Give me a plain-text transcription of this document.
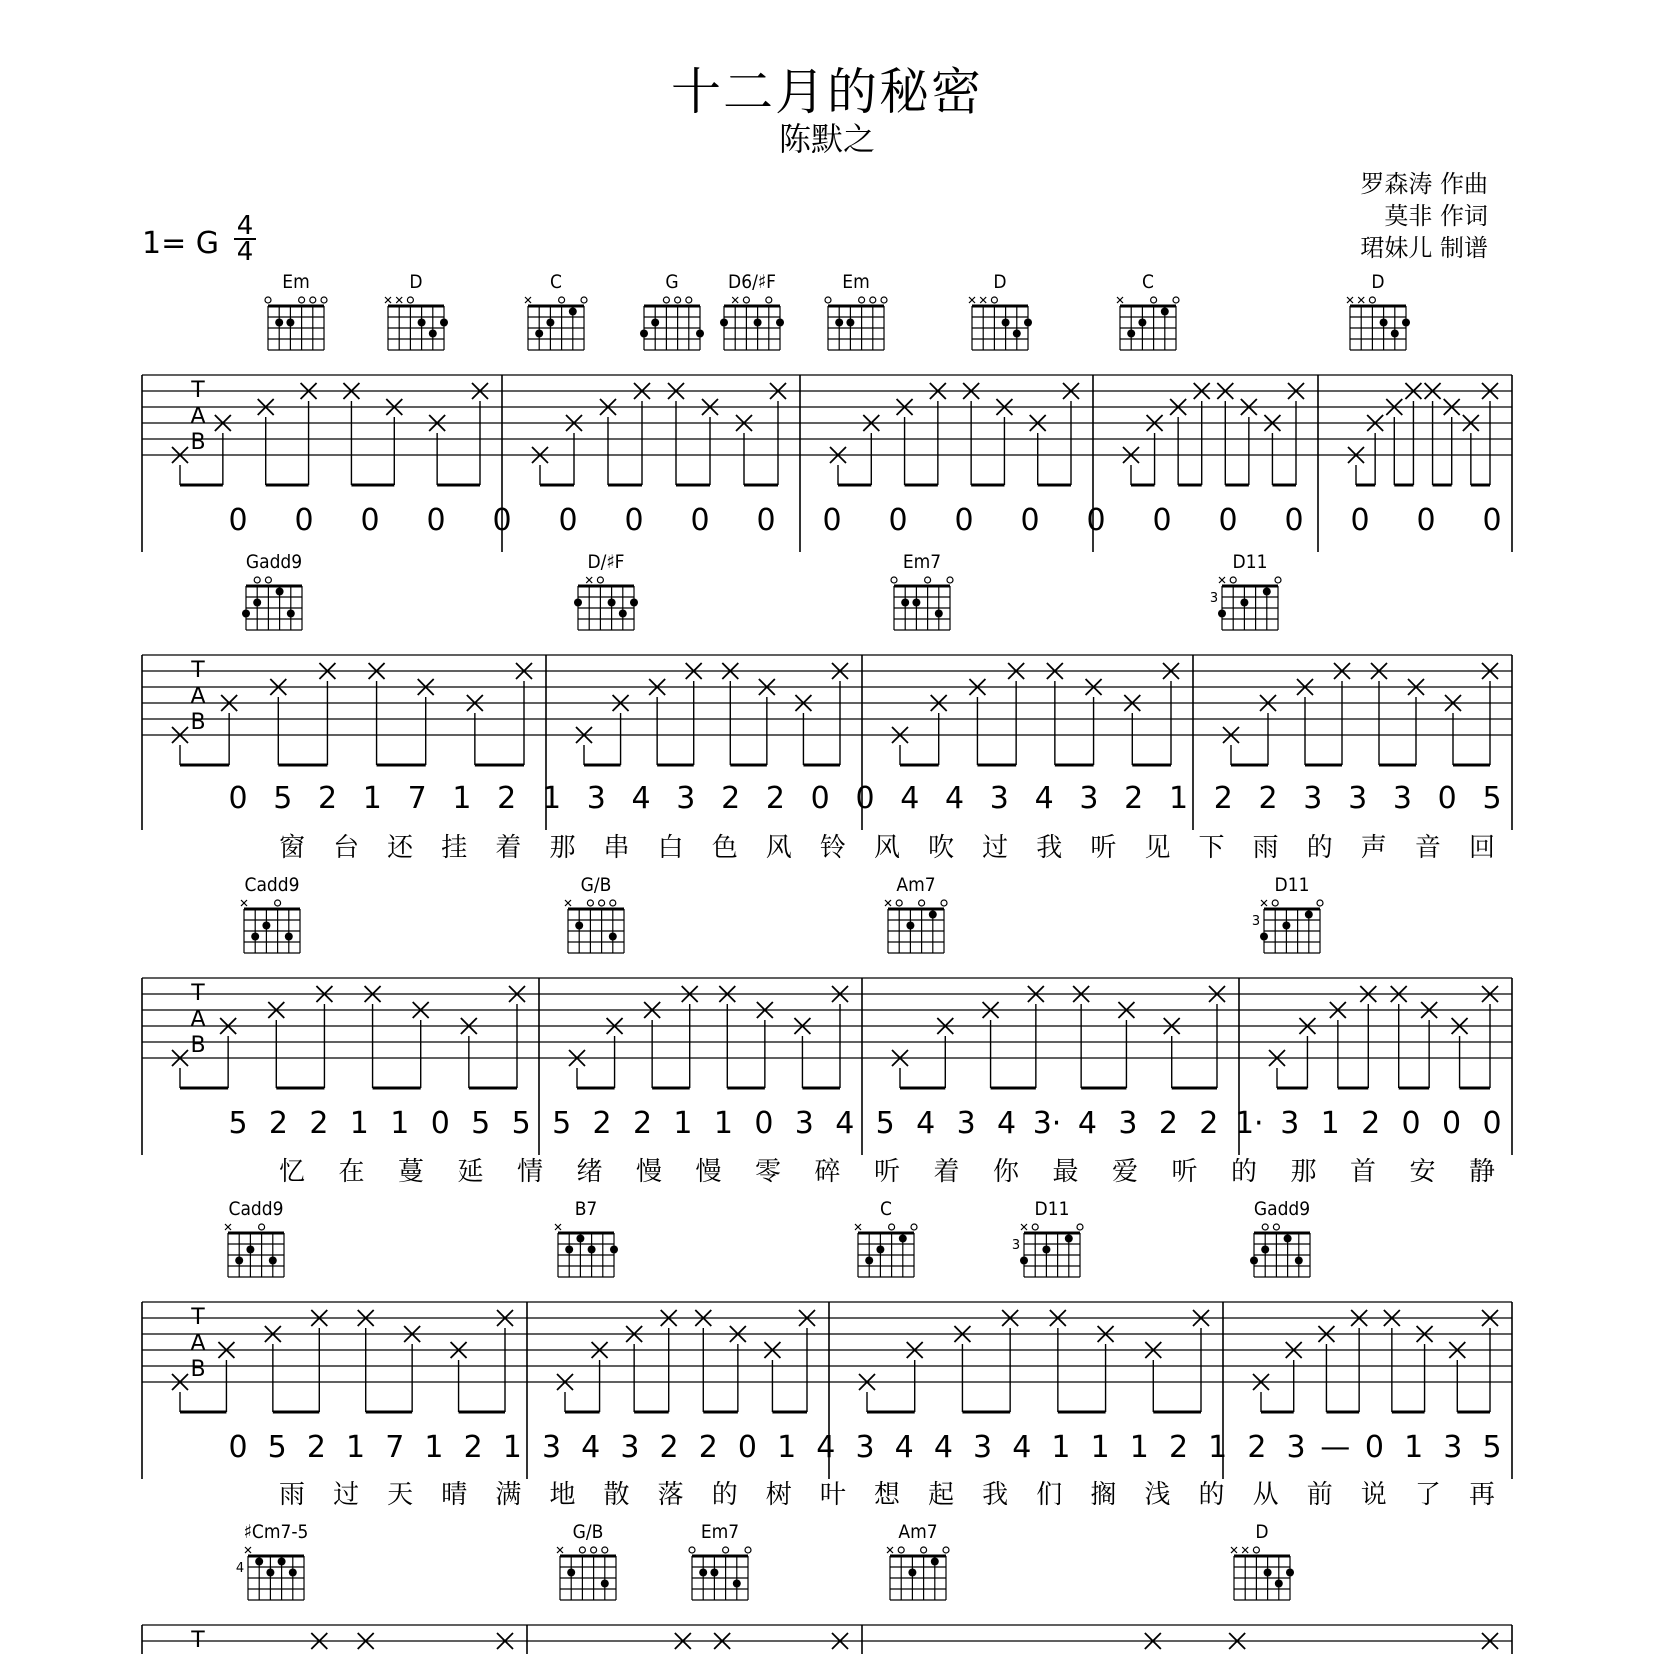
十二月的秘密
陈默之
罗森涛 作曲
莫非 作词
珺妹儿 制谱
1= G 4
4
Em	D	C	G	D6/♯F	Em	D	C	D
T
A
B
0 0 0 0 0 0 0 0 0 0 0 0 0 0 0 0 0 0 0 0
Gadd9	D/♯F	Em7	D11
3
T
A
B
0 5 2 1 7 1 2 1 3 4 3 2 2 0 0 4 4 3 4 3 2 1 2 2 3 3 3 0 5
窗 台 还 挂 着 那 串 白 色 风 铃 风 吹 过 我 听 见 下 雨 的 声 音 回
Cadd9	G/B	Am7	D11
3
T
A
B
5 2 2 1 1 0 5 5 5 2 2 1 1 0 3 4 5 4 3 4 3· 4 3 2 2 1· 3 1 2 0 0 0
忆 在 蔓 延 情 绪 慢 慢 零 碎 听 着 你 最 爱 听 的 那 首 安 静
Cadd9	B7	C	D11
3
Gadd9
T
A
B
0 5 2 1 7 1 2 1 3 4 3 2 2 0 1 4 3 4 4 3 4 1 1 1 2 1 2 3 — 0 1 3 5
雨 过 天 晴 满 地 散 落 的 树 叶 想 起 我 们 搁 浅 的 从 前 说 了 再
♯Cm7-5
4
G/B	Em7	Am7	D
T
